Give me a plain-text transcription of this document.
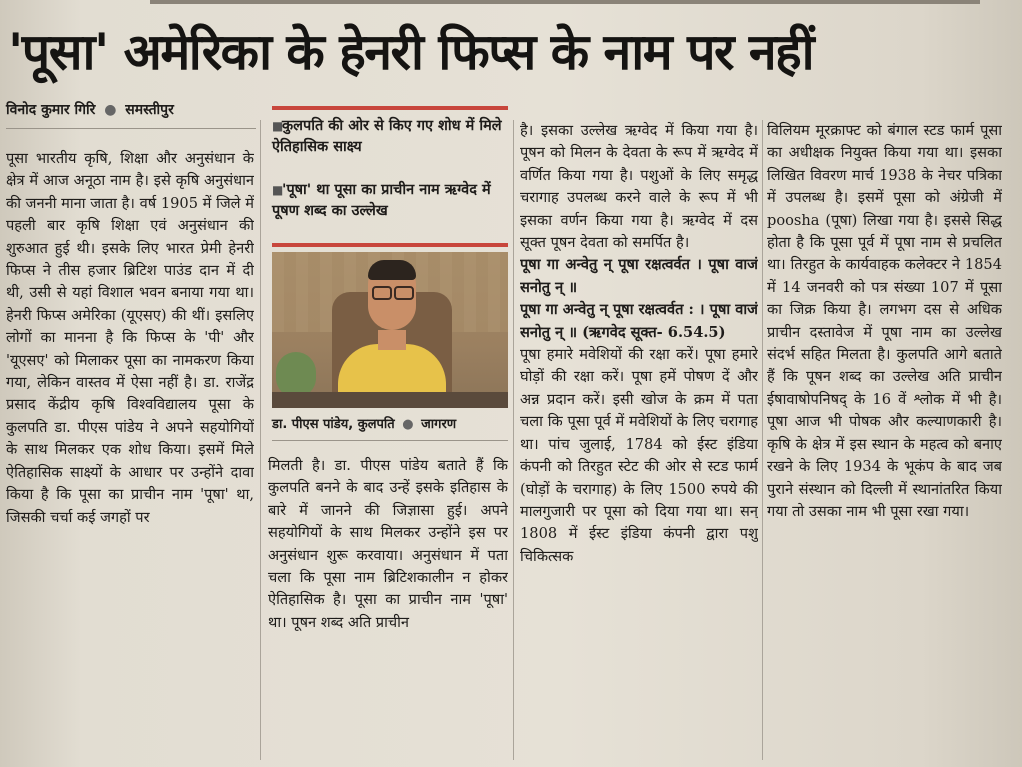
'पूसा' अमेरिका के हेनरी फिप्स के नाम पर नहीं
विनोद कुमार गिरि ● समस्तीपुर

पूसा भारतीय कृषि, शिक्षा और अनुसंधान के क्षेत्र में आज अनूठा नाम है। इसे कृषि अनुसंधान की जननी माना जाता है। वर्ष 1905 में जिले में पहली बार कृषि शिक्षा एवं अनुसंधान की शुरुआत हुई थी। इसके लिए भारत प्रेमी हेनरी फिप्स ने तीस हजार ब्रिटिश पाउंड दान में दी थी, उसी से यहां विशाल भवन बनाया गया था। हेनरी फिप्स अमेरिका (यूएसए) की थीं। इसलिए लोगों का मानना है कि फिप्स के 'पी' और 'यूएसए' को मिलाकर पूसा का नामकरण किया गया, लेकिन वास्तव में ऐसा नहीं है। डा. राजेंद्र प्रसाद केंद्रीय कृषि विश्वविद्यालय पूसा के कुलपति डा. पीएस पांडेय ने अपने सहयोगियों के साथ मिलकर एक शोध किया। इसमें मिले ऐतिहासिक साक्ष्यों के आधार पर उन्होंने दावा किया है कि पूसा का प्राचीन नाम 'पूषा' था, जिसकी चर्चा कई जगहों पर

■कुलपति की ओर से किए गए शोध में मिले ऐतिहासिक साक्ष्य
■'पूषा' था पूसा का प्राचीन नाम ऋग्वेद में पूषण शब्द का उल्लेख
डा. पीएस पांडेय, कुलपति ● जागरण

मिलती है। डा. पीएस पांडेय बताते हैं कि कुलपति बनने के बाद उन्हें इसके इतिहास के बारे में जानने की जिज्ञासा हुई। अपने सहयोगियों के साथ मिलकर उन्होंने इस पर अनुसंधान शुरू करवाया। अनुसंधान में पता चला कि पूसा नाम ब्रिटिशकालीन न होकर ऐतिहासिक है। पूसा का प्राचीन नाम 'पूषा' था। पूषन शब्द अति प्राचीन

है। इसका उल्लेख ऋग्वेद में किया गया है। पूषन को मिलन के देवता के रूप में ऋग्वेद में वर्णित किया गया है। पशुओं के लिए समृद्ध चरागाह उपलब्ध करने वाले के रूप में भी इसका वर्णन किया गया है। ऋग्वेद में दस सूक्त पूषन देवता को समर्पित है।

पूषा गा अन्वेतु न् पूषा रक्षत्वर्वत । पूषा वाजं सनोतु न् ॥

पूषा गा अन्वेतु न् पूषा रक्षत्वर्वत : । पूषा वाजं सनोतु न् ॥ (ऋगवेद सूक्त- 6.54.5)

पूषा हमारे मवेशियों की रक्षा करें। पूषा हमारे घोड़ों की रक्षा करें। पूषा हमें पोषण दें और अन्न प्रदान करें। इसी खोज के क्रम में पता चला कि पूसा पूर्व में मवेशियों के लिए चरागाह था। पांच जुलाई, 1784 को ईस्ट इंडिया कंपनी को तिरहुत स्टेट की ओर से स्टड फार्म (घोड़ों के चरागाह) के लिए 1500 रुपये की मालगुजारी पर पूसा को दिया गया था। सन् 1808 में ईस्ट इंडिया कंपनी द्वारा पशु चिकित्सक

विलियम मूरक्राफ्ट को बंगाल स्टड फार्म पूसा का अधीक्षक नियुक्त किया गया था। इसका लिखित विवरण मार्च 1938 के नेचर पत्रिका में उपलब्ध है। इसमें पूसा को अंग्रेजी में poosha (पूषा) लिखा गया है। इससे सिद्ध होता है कि पूसा पूर्व में पूषा नाम से प्रचलित था। तिरहुत के कार्यवाहक कलेक्टर ने 1854 में 14 जनवरी को पत्र संख्या 107 में पूसा का जिक्र किया है। लगभग दस से अधिक प्राचीन दस्तावेज में पूषा नाम का उल्लेख संदर्भ सहित मिलता है। कुलपति आगे बताते हैं कि पूषन शब्द का उल्लेख अति प्राचीन ईषावाषोपनिषद् के 16 वें श्लोक में भी है। पूषा आज भी पोषक और कल्याणकारी है। कृषि के क्षेत्र में इस स्थान के महत्व को बनाए रखने के लिए 1934 के भूकंप के बाद जब पुराने संस्थान को दिल्ली में स्थानांतरित किया गया तो उसका नाम भी पूसा रखा गया।
